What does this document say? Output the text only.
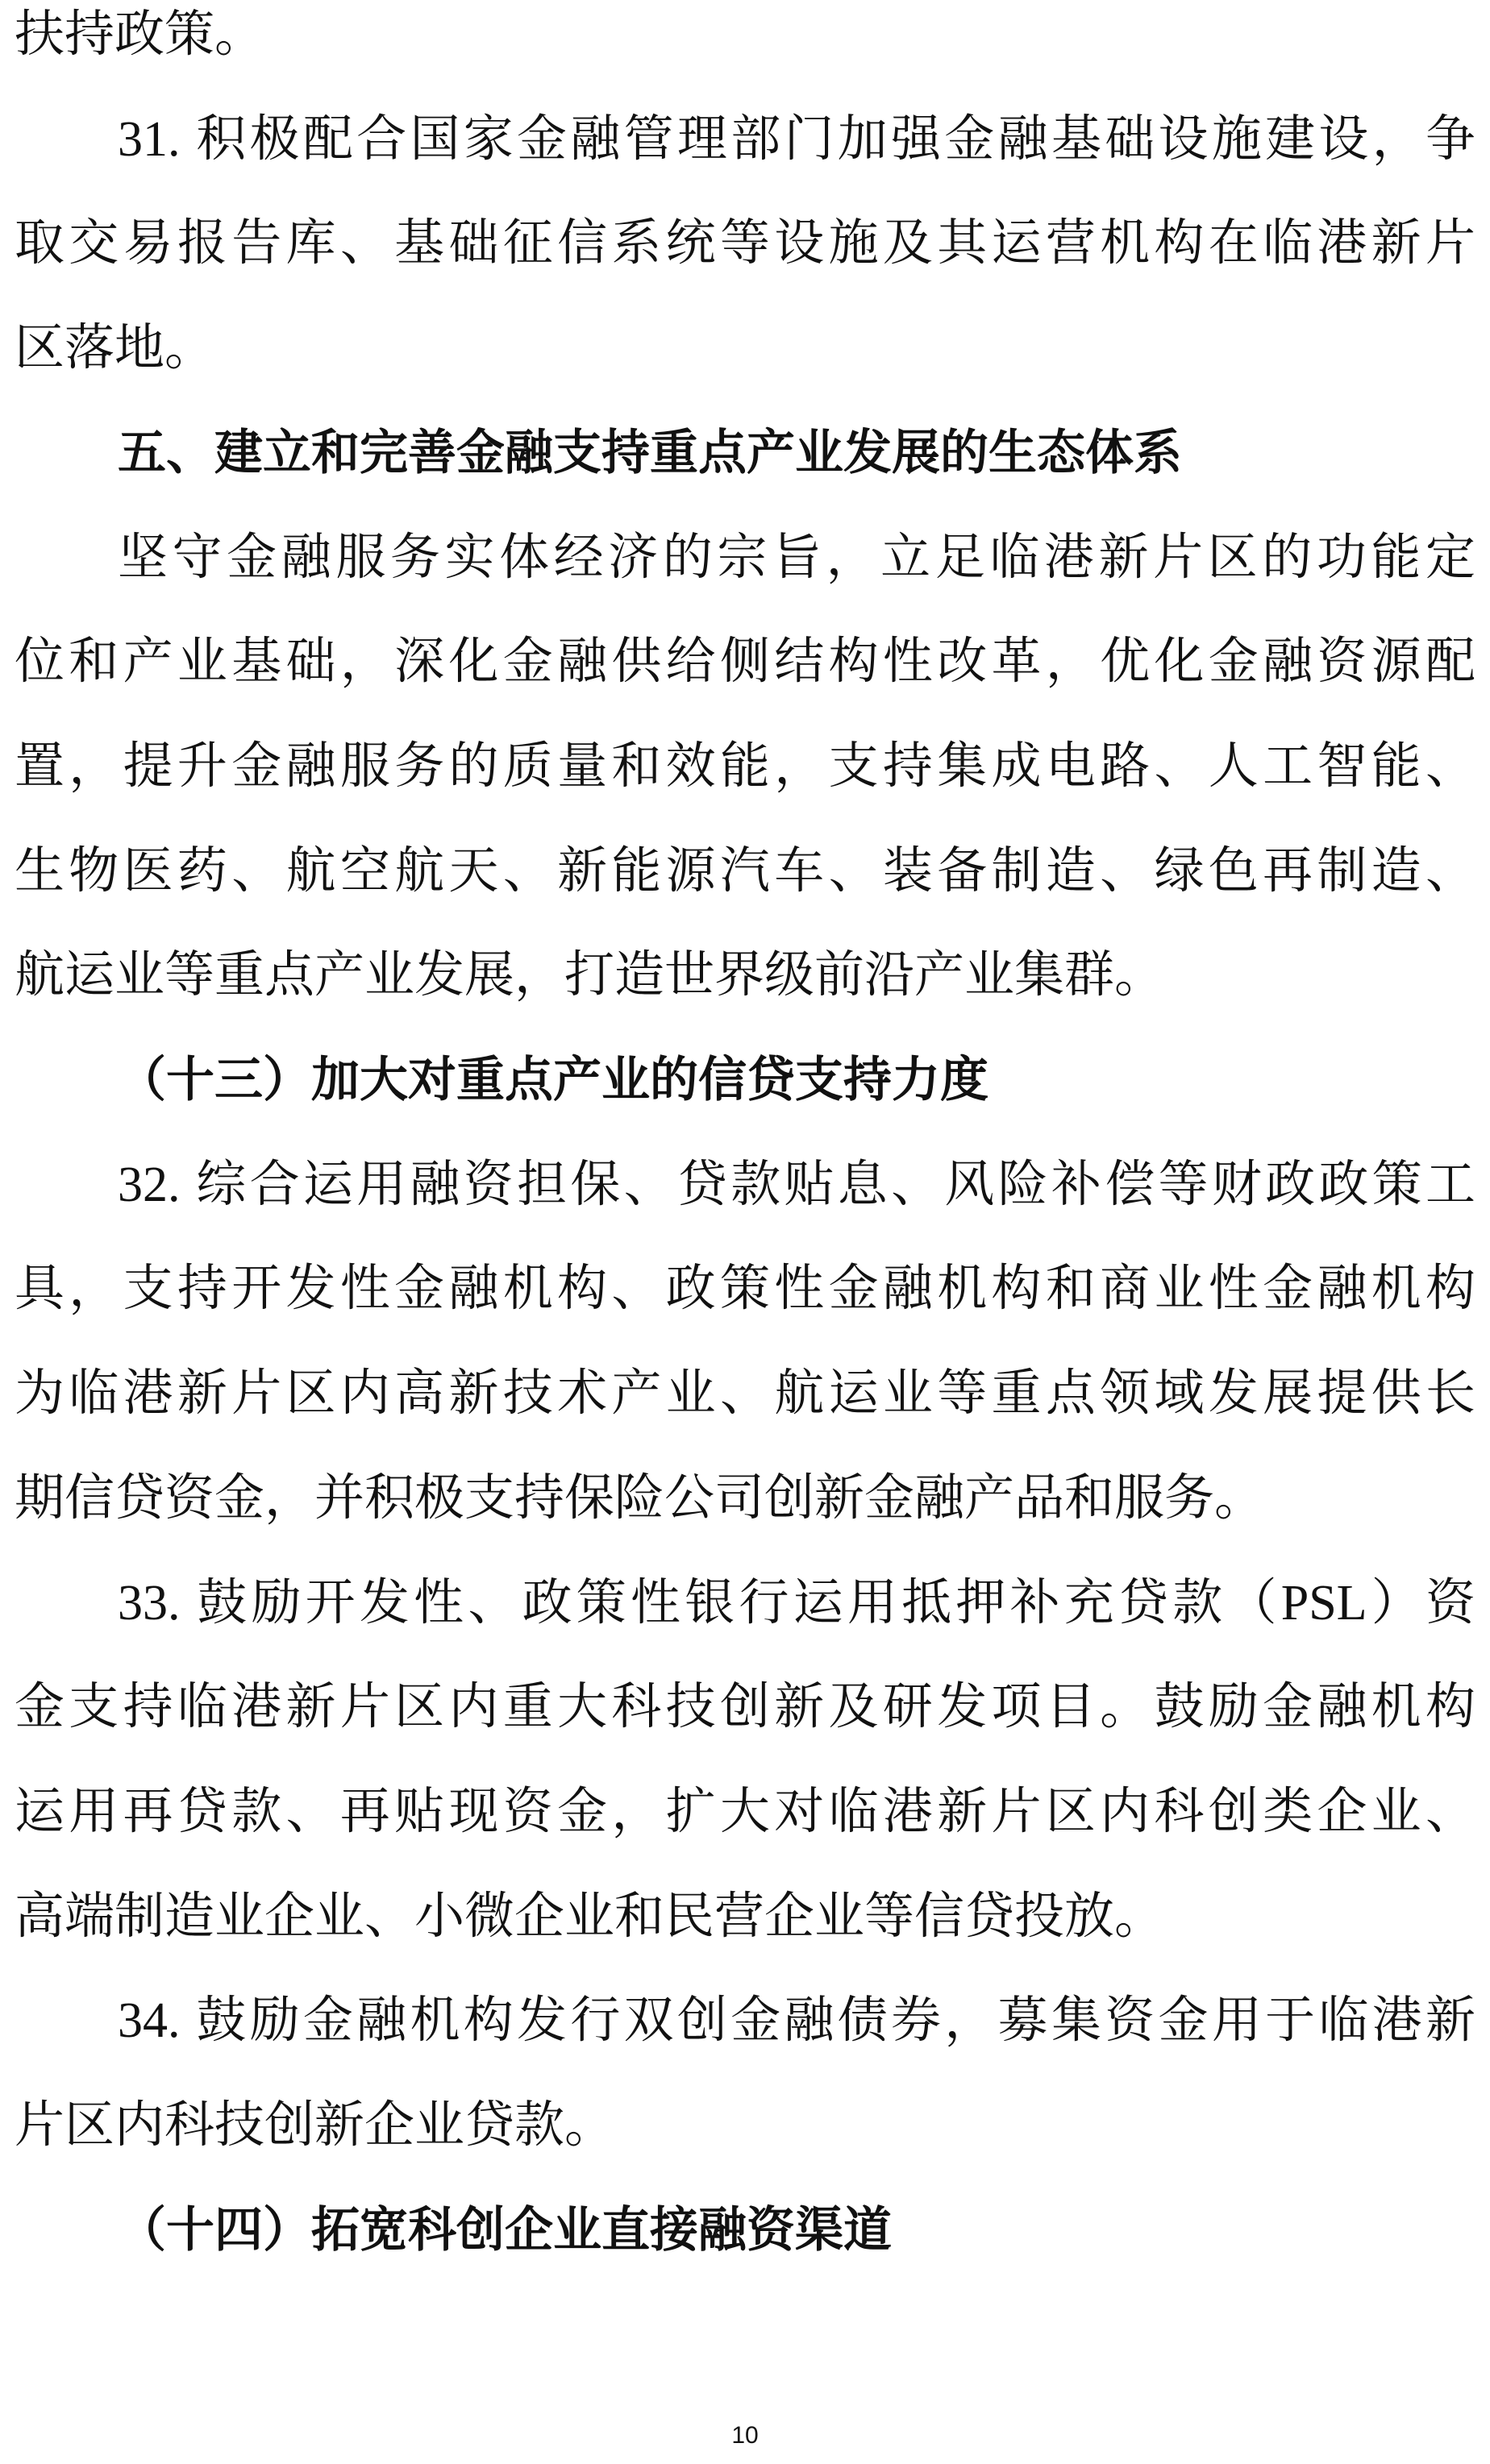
扶持政策。
31. 积极配合国家金融管理部门加强金融基础设施建设，争
取交易报告库、基础征信系统等设施及其运营机构在临港新片
区落地。
五、建立和完善金融支持重点产业发展的生态体系
坚守金融服务实体经济的宗旨，立足临港新片区的功能定
位和产业基础，深化金融供给侧结构性改革，优化金融资源配
置，提升金融服务的质量和效能，支持集成电路、人工智能、
生物医药、航空航天、新能源汽车、装备制造、绿色再制造、
航运业等重点产业发展，打造世界级前沿产业集群。
（十三）加大对重点产业的信贷支持力度
32. 综合运用融资担保、贷款贴息、风险补偿等财政政策工
具，支持开发性金融机构、政策性金融机构和商业性金融机构
为临港新片区内高新技术产业、航运业等重点领域发展提供长
期信贷资金，并积极支持保险公司创新金融产品和服务。
33. 鼓励开发性、政策性银行运用抵押补充贷款（PSL）资
金支持临港新片区内重大科技创新及研发项目。鼓励金融机构
运用再贷款、再贴现资金，扩大对临港新片区内科创类企业、
高端制造业企业、小微企业和民营企业等信贷投放。
34. 鼓励金融机构发行双创金融债券，募集资金用于临港新
片区内科技创新企业贷款。
（十四）拓宽科创企业直接融资渠道
10
